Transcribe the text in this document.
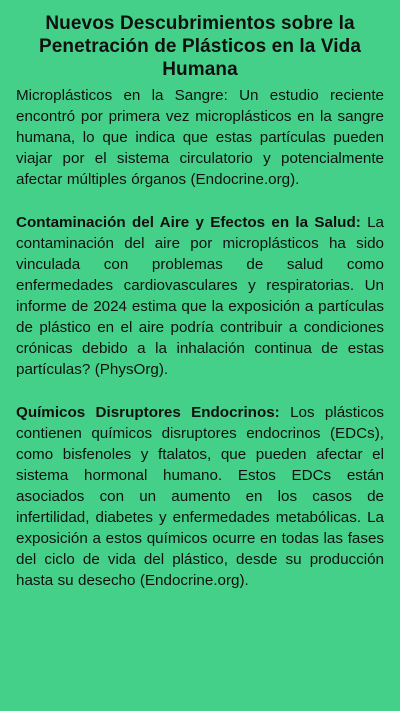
Nuevos Descubrimientos sobre la Penetración de Plásticos en la Vida Humana

Microplásticos en la Sangre: Un estudio reciente encontró por primera vez microplásticos en la sangre humana, lo que indica que estas partículas pueden viajar por el sistema circulatorio y potencialmente afectar múltiples órganos (Endocrine.org).

Contaminación del Aire y Efectos en la Salud: La contaminación del aire por microplásticos ha sido vinculada con problemas de salud como enfermedades cardiovasculares y respiratorias. Un informe de 2024 estima que la exposición a partículas de plástico en el aire podría contribuir a condiciones crónicas debido a la inhalación continua de estas partículas? (PhysOrg).

Químicos Disruptores Endocrinos: Los plásticos contienen químicos disruptores endocrinos (EDCs), como bisfenoles y ftalatos, que pueden afectar el sistema hormonal humano. Estos EDCs están asociados con un aumento en los casos de infertilidad, diabetes y enfermedades metabólicas. La exposición a estos químicos ocurre en todas las fases del ciclo de vida del plástico, desde su producción hasta su desecho (Endocrine.org).
